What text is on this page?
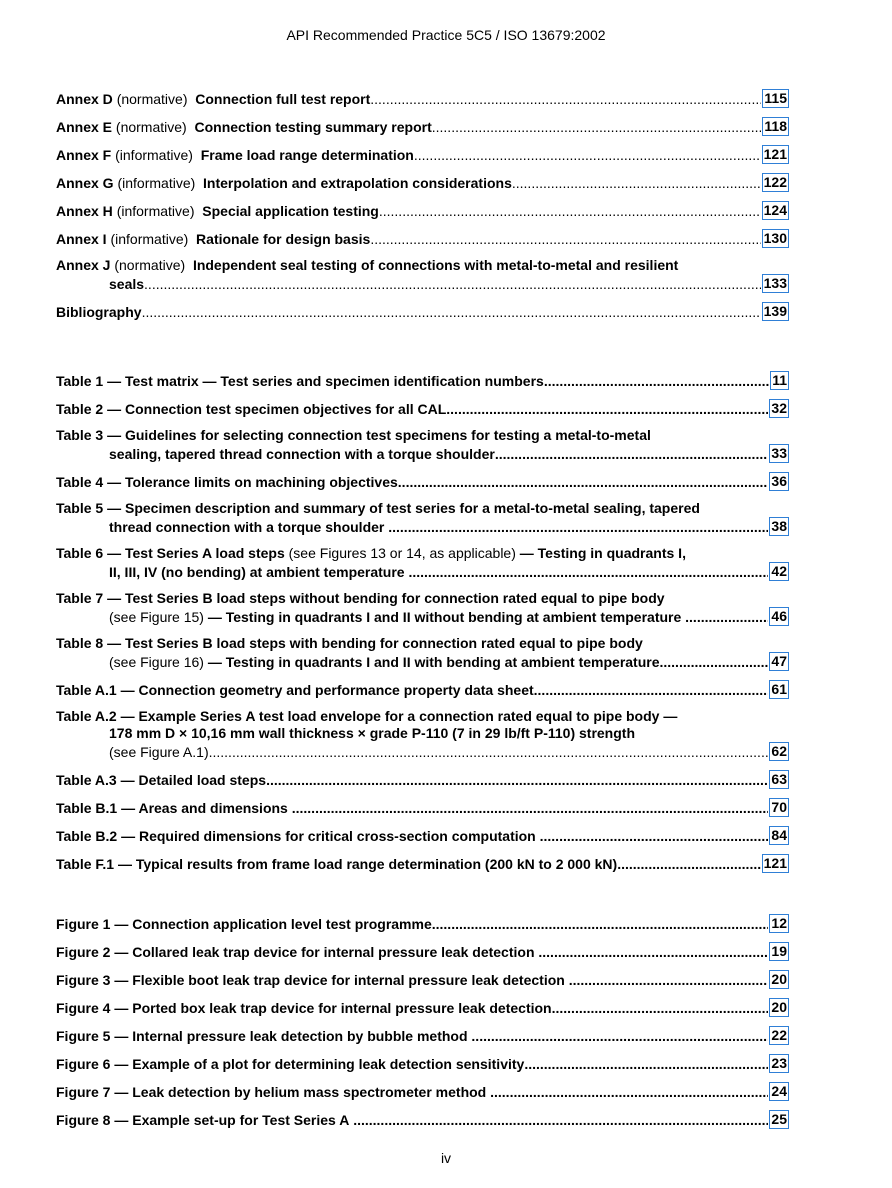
API Recommended Practice 5C5 / ISO 13679:2002
Annex D (normative) Connection full test report .....	115
Annex E (normative) Connection testing summary report .....	118
Annex F (informative) Frame load range determination .....	121
Annex G (informative) Interpolation and extrapolation considerations .....	122
Annex H (informative) Special application testing .....	124
Annex I (informative) Rationale for design basis .....	130
Annex J (normative) Independent seal testing of connections with metal-to-metal and resilient
seals .....	133
Bibliography .....	139
Table 1 — Test matrix — Test series and specimen identification numbers .....	11
Table 2 — Connection test specimen objectives for all CAL .....	32
Table 3 — Guidelines for selecting connection test specimens for testing a metal-to-metal
sealing, tapered thread connection with a torque shoulder .....	33
Table 4 — Tolerance limits on machining objectives .....	36
Table 5 — Specimen description and summary of test series for a metal-to-metal sealing, tapered
thread connection with a torque shoulder
.....	38
Table 6 — Test Series A load steps (see Figures 13 or 14, as applicable) — Testing in quadrants I,
II, III, IV (no bending) at ambient temperature
.....	42
Table 7 — Test Series B load steps without bending for connection rated equal to pipe body
(see Figure 15) — Testing in quadrants I and II without bending at ambient temperature .....	46
Table 8 — Test Series B load steps with bending for connection rated equal to pipe body
(see Figure 16) — Testing in quadrants I and II with bending at ambient temperature .....	47
Table A.1 — Connection geometry and performance property data sheet .....	61
Table A.2 — Example Series A test load envelope for a connection rated equal to pipe body —
178 mm D × 10,16 mm wall thickness × grade P-110 (7 in 29 lb/ft P-110) strength
(see Figure A.1) .....	62
Table A.3 — Detailed load steps .....	63
Table B.1 — Areas and dimensions
.....	70
Table B.2 — Required dimensions for critical cross-section computation
.....	84
Table F.1 — Typical results from frame load range determination (200 kN to 2 000 kN) .....	121
Figure 1 — Connection application level test programme .....	12
Figure 2 — Collared leak trap device for internal pressure leak detection
.....	19
Figure 3 — Flexible boot leak trap device for internal pressure leak detection
.....	20
Figure 4 — Ported box leak trap device for internal pressure leak detection .....	20
Figure 5 — Internal pressure leak detection by bubble method
.....	22
Figure 6 — Example of a plot for determining leak detection sensitivity .....	23
Figure 7 — Leak detection by helium mass spectrometer method
.....	24
Figure 8 — Example set-up for Test Series A
.....	25
iv
